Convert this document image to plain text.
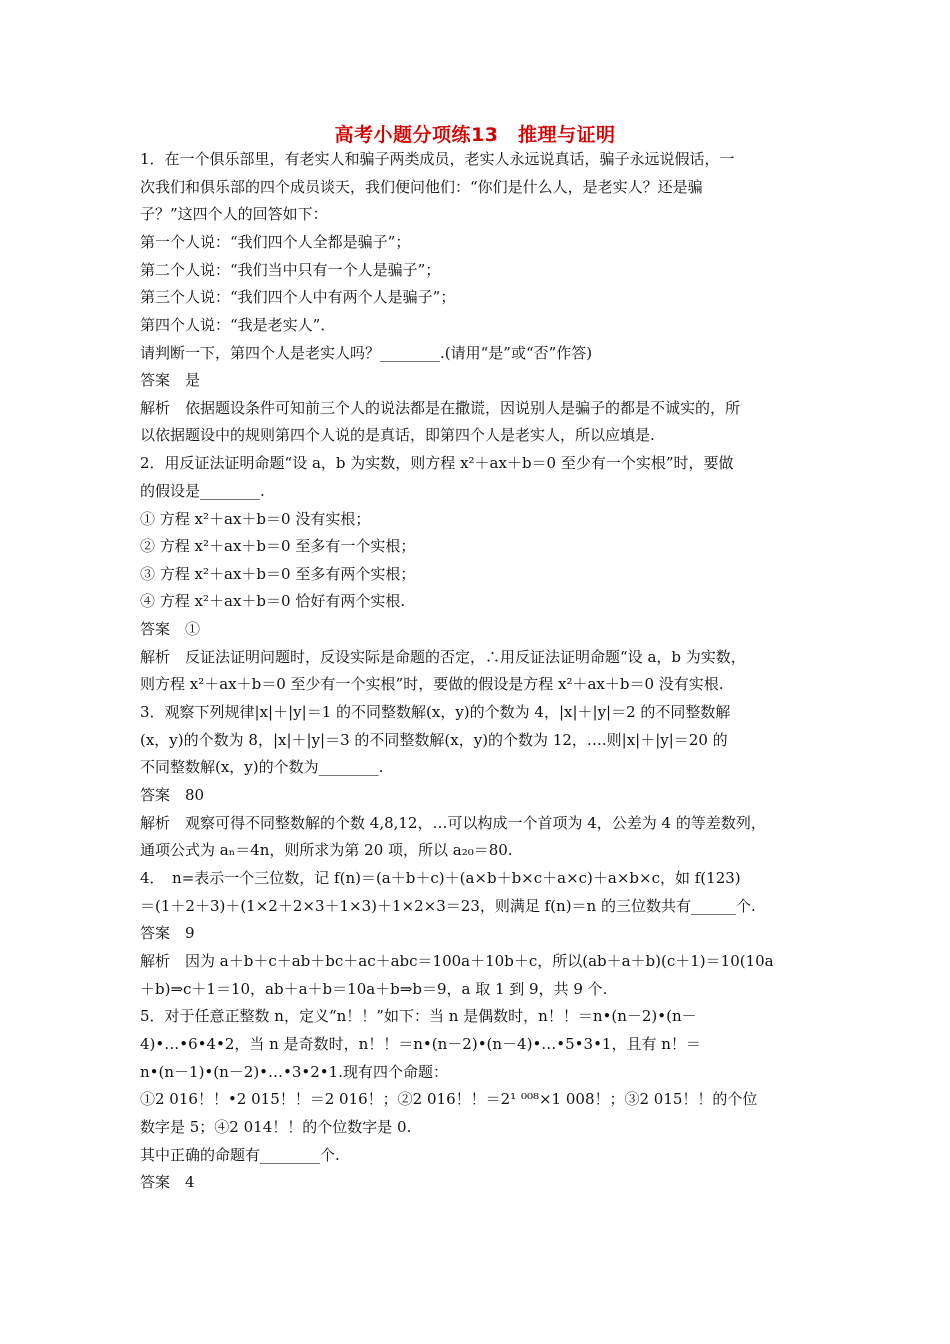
高考小题分项练13　推理与证明
1．在一个俱乐部里，有老实人和骗子两类成员，老实人永远说真话，骗子永远说假话，一
次我们和俱乐部的四个成员谈天，我们便问他们：“你们是什么人，是老实人？还是骗
子？”这四个人的回答如下：
第一个人说：“我们四个人全都是骗子”；
第二个人说：“我们当中只有一个人是骗子”；
第三个人说：“我们四个人中有两个人是骗子”；
第四个人说：“我是老实人”．
请判断一下，第四个人是老实人吗？________.(请用“是”或“否”作答)
答案　是
解析　依据题设条件可知前三个人的说法都是在撒谎，因说别人是骗子的都是不诚实的，所
以依据题设中的规则第四个人说的是真话，即第四个人是老实人，所以应填是.
2．用反证法证明命题“设 a，b 为实数，则方程 x²＋ax＋b＝0 至少有一个实根”时，要做
的假设是________.
① 方程 x²＋ax＋b＝0 没有实根；
② 方程 x²＋ax＋b＝0 至多有一个实根；
③ 方程 x²＋ax＋b＝0 至多有两个实根；
④ 方程 x²＋ax＋b＝0 恰好有两个实根.
答案　①
解析　反证法证明问题时，反设实际是命题的否定，∴用反证法证明命题“设 a，b 为实数，
则方程 x²＋ax＋b＝0 至少有一个实根”时，要做的假设是方程 x²＋ax＋b＝0 没有实根.
3．观察下列规律|x|＋|y|＝1 的不同整数解(x，y)的个数为 4，|x|＋|y|＝2 的不同整数解
(x，y)的个数为 8，|x|＋|y|＝3 的不同整数解(x，y)的个数为 12，….则|x|＋|y|＝20 的
不同整数解(x，y)的个数为________.
答案　80
解析　观察可得不同整数解的个数 4,8,12，…可以构成一个首项为 4，公差为 4 的等差数列，
通项公式为 aₙ＝4n，则所求为第 20 项，所以 a₂₀＝80.
4．　n=表示一个三位数，记 f(n)＝(a＋b＋c)＋(a×b＋b×c＋a×c)＋a×b×c，如 f(123)
＝(1＋2＋3)＋(1×2＋2×3＋1×3)＋1×2×3＝23，则满足 f(n)＝n 的三位数共有______个.
答案　9
解析　因为 a＋b＋c＋ab＋bc＋ac＋abc＝100a＋10b＋c，所以(ab＋a＋b)(c＋1)＝10(10a
＋b)⇒c＋1＝10，ab＋a＋b＝10a＋b⇒b＝9，a 取 1 到 9，共 9 个.
5．对于任意正整数 n，定义“n！！”如下：当 n 是偶数时，n！！＝n•(n－2)•(n－
4)•…•6•4•2，当 n 是奇数时，n！！＝n•(n－2)•(n－4)•…•5•3•1，且有 n！＝
n•(n－1)•(n－2)•…•3•2•1.现有四个命题：
①2 016！！•2 015！！＝2 016！；②2 016！！＝2¹ ⁰⁰⁸×1 008！；③2 015！！的个位
数字是 5；④2 014！！的个位数字是 0.
其中正确的命题有________个.
答案　4
